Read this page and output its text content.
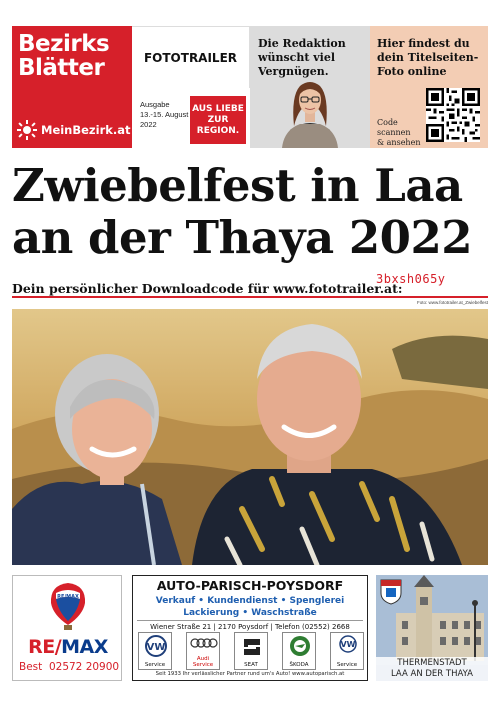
Bezirks
Blätter
MeinBezirk.at
FOTOTRAILER
Ausgabe
13.-15. August
2022
AUS LIEBE
ZUR
REGION.
Die Redaktion
wünscht viel
Vergnügen.
Hier findest du
dein Titelseiten-
Foto online
Code
scannen
& ansehen
Zwiebelfest in Laa
an der Thaya 2022
Dein persönlicher Downloadcode für www.fototrailer.at:
3bxsh065y
Foto: www.fototrailer.at_Zwiebelfest
RE/MAX
RE/MAX
Best 02572 20900
AUTO-PARISCH-POYSDORF
Verkauf • Kundendienst • Spenglerei
Lackierung • Waschstraße
Wiener Straße 21 | 2170 Poysdorf | Telefon (02552) 2668
VW
Service
Audi Service	SEAT	ŠKODA
VW
Service
Seit 1933 Ihr verlässlicher Partner rund um's Auto! www.autoparisch.at
THERMENSTADT
LAA AN DER THAYA
